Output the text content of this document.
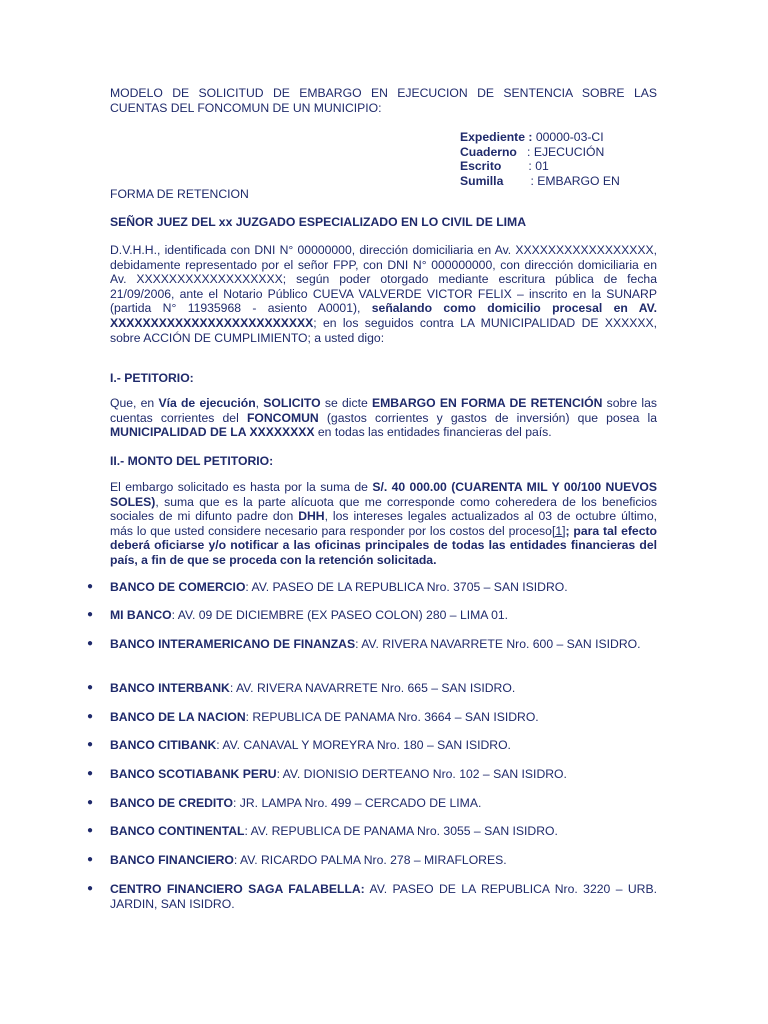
MODELO DE SOLICITUD DE EMBARGO EN EJECUCION DE SENTENCIA SOBRE LAS
CUENTAS DEL FONCOMUN DE UN MUNICIPIO:
Expediente : 00000-03-CI
Cuaderno   : EJECUCIÓN
Escrito        : 01
Sumilla        : EMBARGO EN
FORMA DE RETENCION
SEÑOR JUEZ DEL xx JUZGADO ESPECIALIZADO EN LO CIVIL DE LIMA
D.V.H.H., identificada con DNI N° 00000000, dirección domiciliaria en Av. XXXXXXXXXXXXXXXXX, debidamente representado por el señor FPP, con DNI N° 000000000, con dirección domiciliaria en Av. XXXXXXXXXXXXXXXXXX; según poder otorgado mediante escritura pública de fecha 21/09/2006, ante el Notario Público CUEVA VALVERDE VICTOR FELIX – inscrito en la SUNARP (partida N° 11935968 - asiento A0001), señalando como domicilio procesal en AV. XXXXXXXXXXXXXXXXXXXXXXXXX; en los seguidos contra LA MUNICIPALIDAD DE XXXXXX, sobre ACCIÓN DE CUMPLIMIENTO; a usted digo:
I.- PETITORIO:
Que, en Vía de ejecución, SOLICITO se dicte EMBARGO EN FORMA DE RETENCIÓN sobre las cuentas corrientes del FONCOMUN (gastos corrientes y gastos de inversión) que posea la MUNICIPALIDAD DE LA XXXXXXXX en todas las entidades financieras del país.
II.- MONTO DEL PETITORIO:
El embargo solicitado es hasta por la suma de S/. 40 000.00 (CUARENTA MIL Y 00/100 NUEVOS SOLES), suma que es la parte alícuota que me corresponde como coheredera de los beneficios sociales de mi difunto padre don DHH, los intereses legales actualizados al 03 de octubre último, más lo que usted considere necesario para responder por los costos del proceso[1]; para tal efecto deberá oficiarse y/o notificar a las oficinas principales de todas las entidades financieras del país, a fin de que se proceda con la retención solicitada.
● BANCO DE COMERCIO: AV. PASEO DE LA REPUBLICA Nro. 3705 – SAN ISIDRO.
● MI BANCO: AV. 09 DE DICIEMBRE (EX PASEO COLON) 280 – LIMA 01.
● BANCO INTERAMERICANO DE FINANZAS: AV. RIVERA NAVARRETE Nro. 600 – SAN ISIDRO.
● BANCO INTERBANK: AV. RIVERA NAVARRETE Nro. 665 – SAN ISIDRO.
● BANCO DE LA NACION: REPUBLICA DE PANAMA Nro. 3664 – SAN ISIDRO.
● BANCO CITIBANK: AV. CANAVAL Y MOREYRA Nro. 180 – SAN ISIDRO.
● BANCO SCOTIABANK PERU: AV. DIONISIO DERTEANO Nro. 102 – SAN ISIDRO.
● BANCO DE CREDITO: JR. LAMPA Nro. 499 – CERCADO DE LIMA.
● BANCO CONTINENTAL: AV. REPUBLICA DE PANAMA Nro. 3055 – SAN ISIDRO.
● BANCO FINANCIERO: AV. RICARDO PALMA Nro. 278 – MIRAFLORES.
● CENTRO FINANCIERO SAGA FALABELLA: AV. PASEO DE LA REPUBLICA Nro. 3220 – URB. JARDIN, SAN ISIDRO.
